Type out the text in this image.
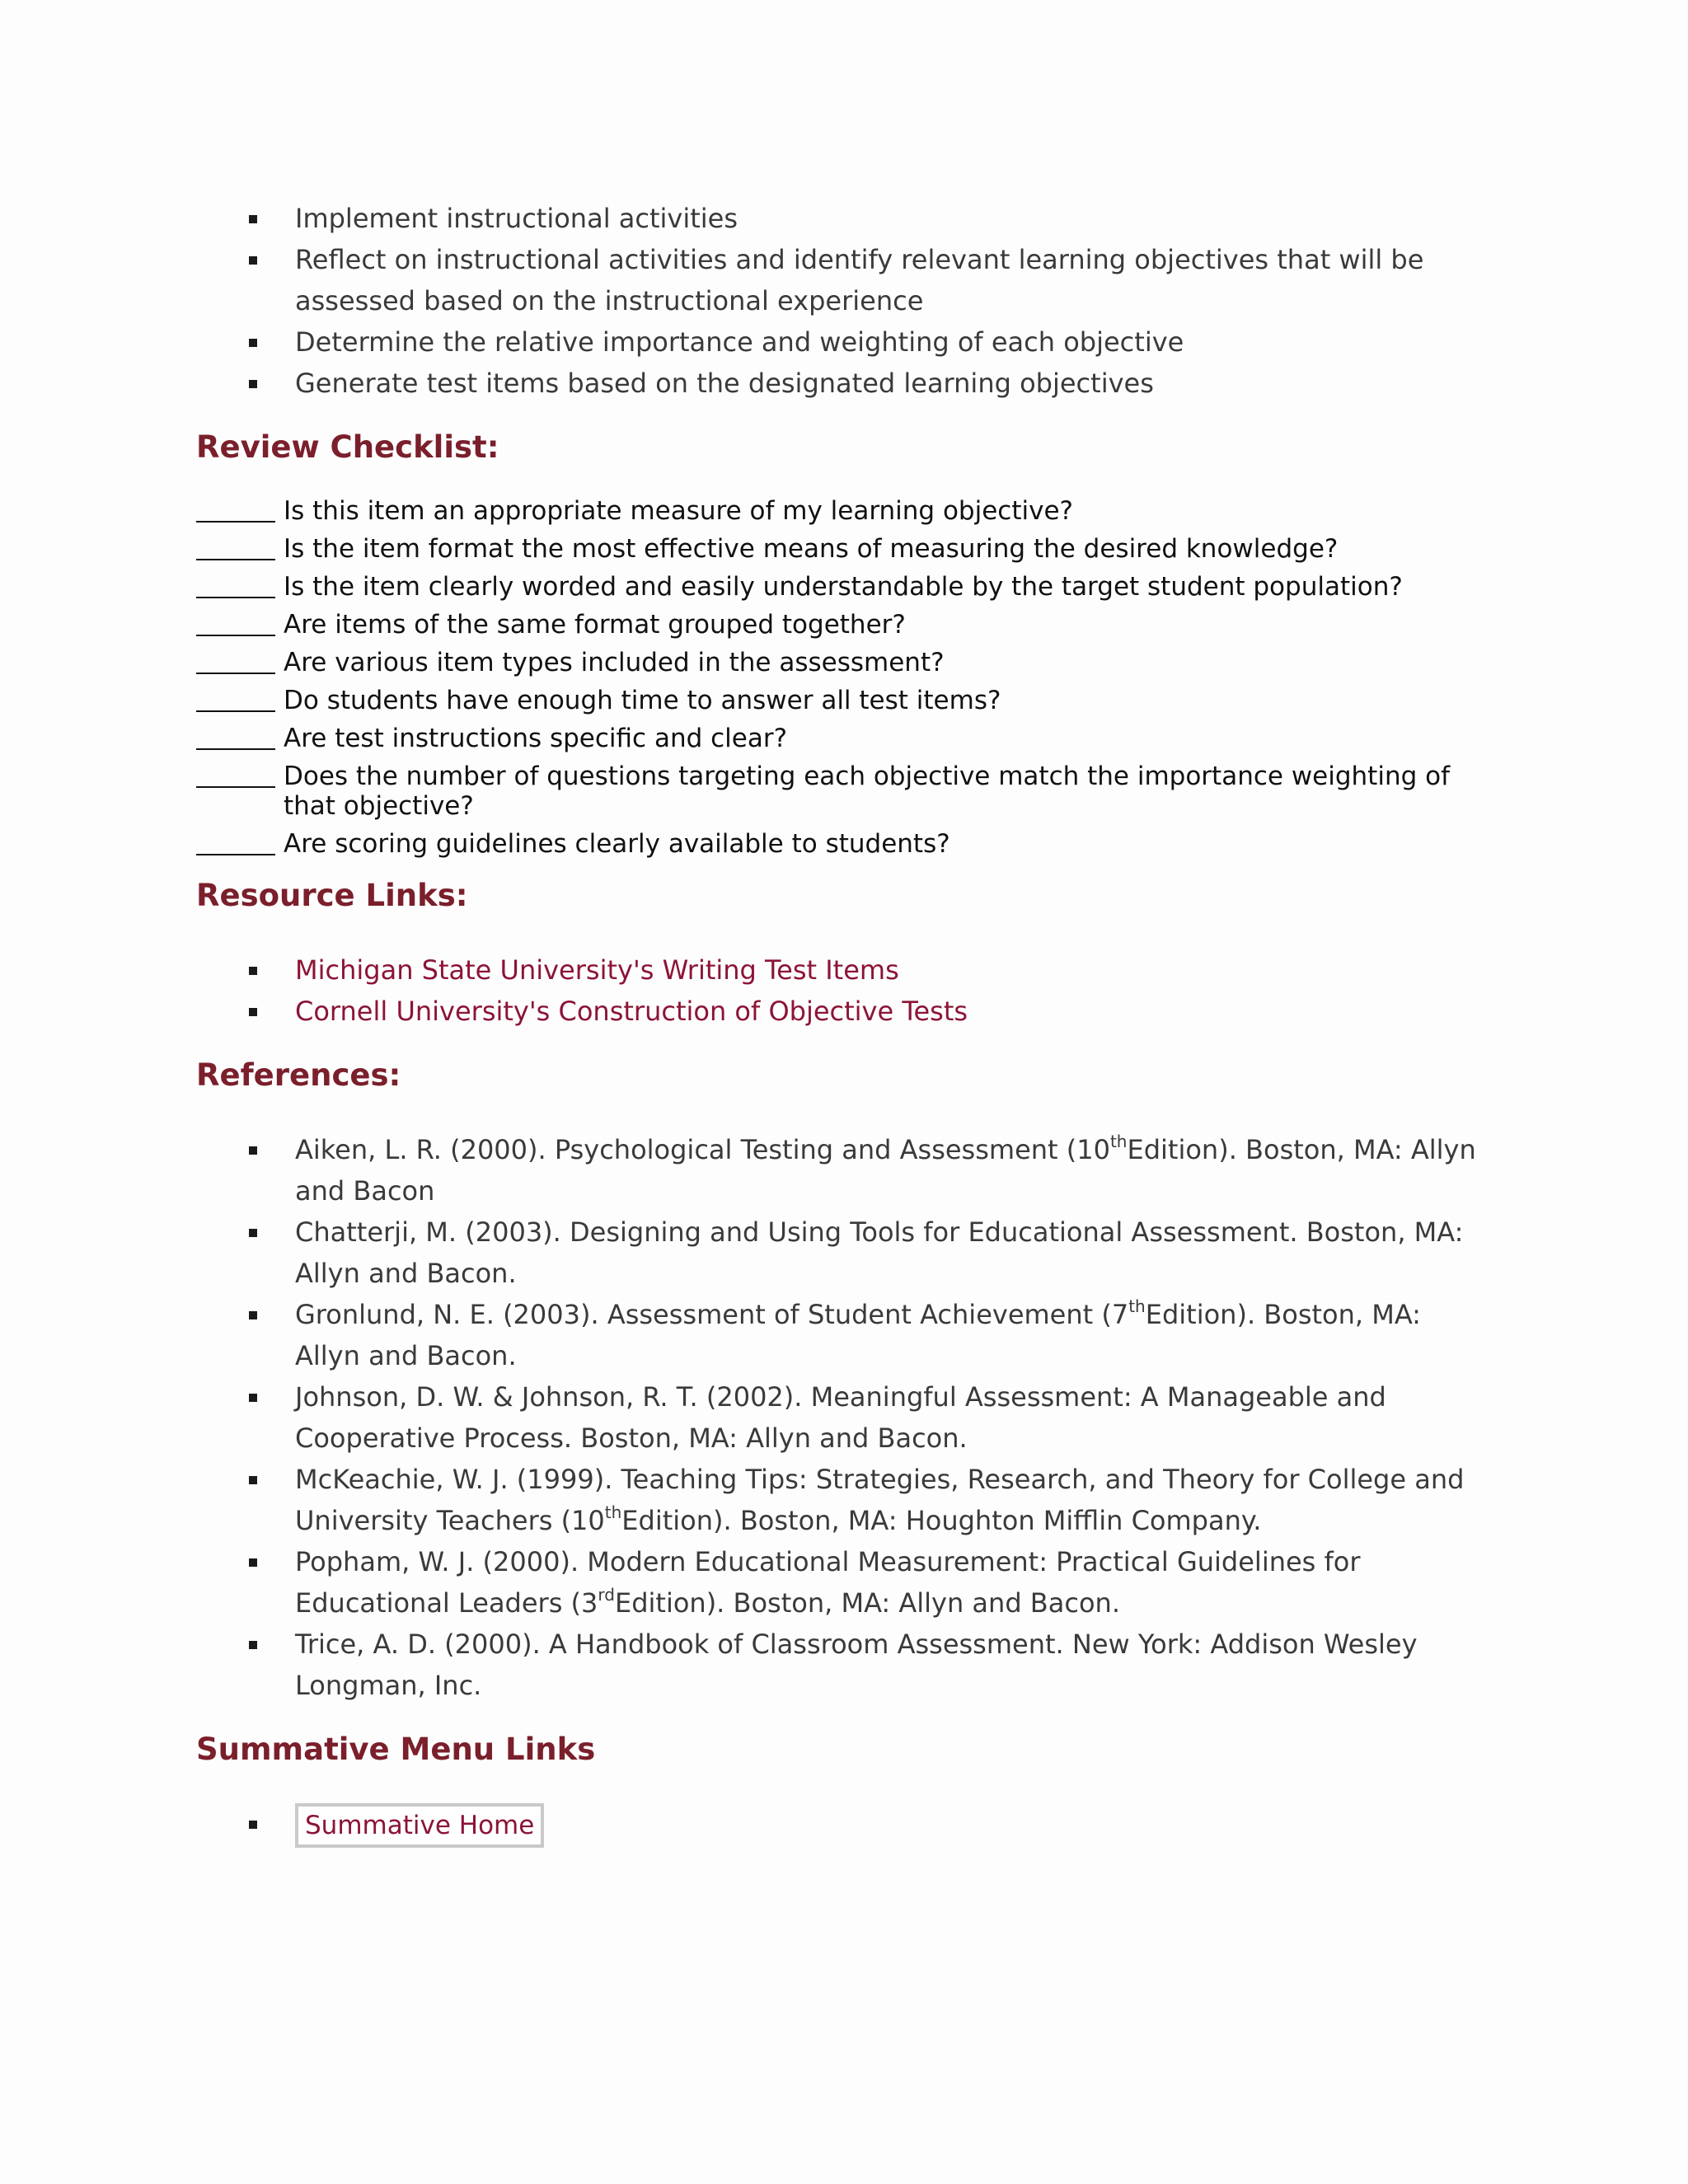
Implement instructional activities
Reflect on instructional activities and identify relevant learning objectives that will be assessed based on the instructional experience
Determine the relative importance and weighting of each objective
Generate test items based on the designated learning objectives
Review Checklist:
Is this item an appropriate measure of my learning objective?
Is the item format the most effective means of measuring the desired knowledge?
Is the item clearly worded and easily understandable by the target student population?
Are items of the same format grouped together?
Are various item types included in the assessment?
Do students have enough time to answer all test items?
Are test instructions specific and clear?
Does the number of questions targeting each objective match the importance weighting of that objective?
Are scoring guidelines clearly available to students?
Resource Links:
Michigan State University's Writing Test Items
Cornell University's Construction of Objective Tests
References:
Aiken, L. R. (2000). Psychological Testing and Assessment (10thEdition). Boston, MA: Allyn and Bacon
Chatterji, M. (2003). Designing and Using Tools for Educational Assessment. Boston, MA: Allyn and Bacon.
Gronlund, N. E. (2003). Assessment of Student Achievement (7thEdition). Boston, MA: Allyn and Bacon.
Johnson, D. W. & Johnson, R. T. (2002). Meaningful Assessment: A Manageable and Cooperative Process. Boston, MA: Allyn and Bacon.
McKeachie, W. J. (1999). Teaching Tips: Strategies, Research, and Theory for College and University Teachers (10thEdition). Boston, MA: Houghton Mifflin Company.
Popham, W. J. (2000). Modern Educational Measurement: Practical Guidelines for Educational Leaders (3rdEdition). Boston, MA: Allyn and Bacon.
Trice, A. D. (2000). A Handbook of Classroom Assessment. New York: Addison Wesley Longman, Inc.
Summative Menu Links
Summative Home
